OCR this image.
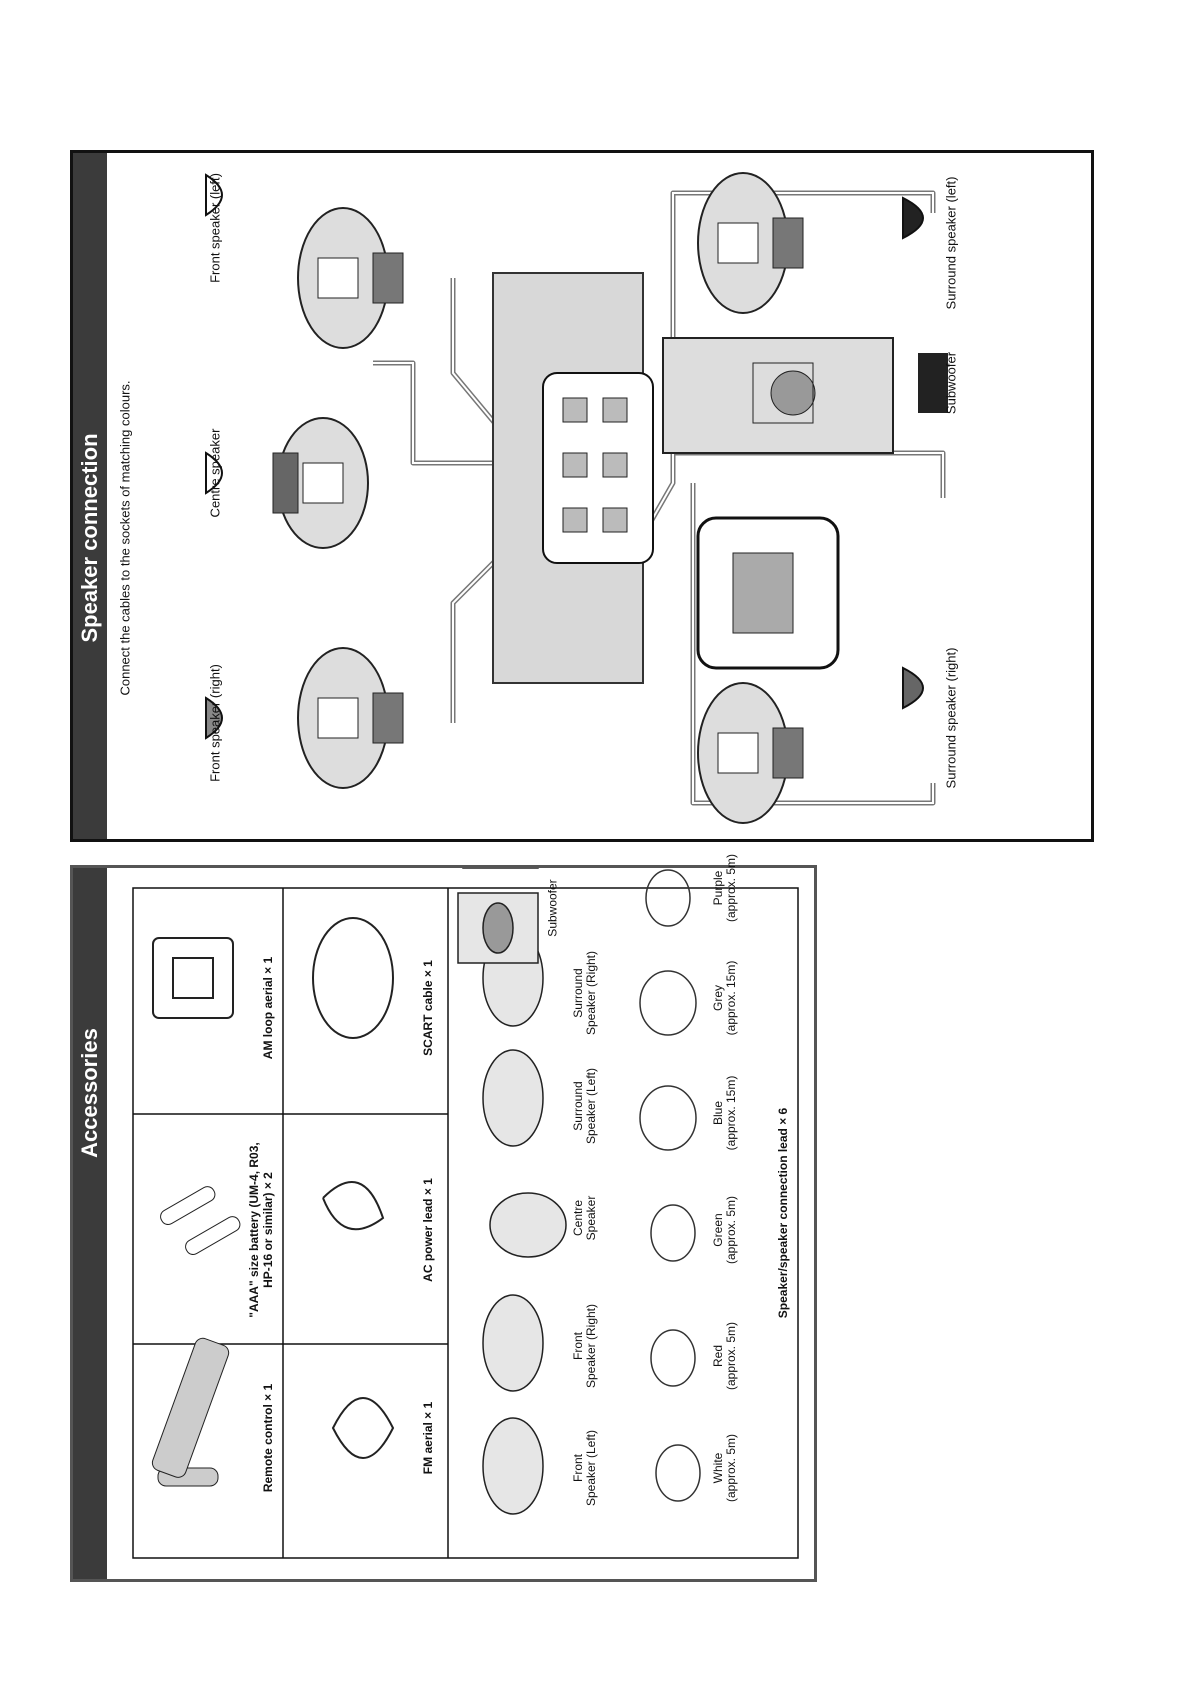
Speaker connection Connect the cables to the sockets of matching colours.
Front speaker (left)
Front speaker (right)
Centre speaker
Surround speaker (left)
Surround speaker (right)
Subwoofer
Accessories
Remote control × 1
"AAA" size battery (UM-4, R03, HP-16 or similar) × 2
AM loop aerial × 1
FM aerial × 1
AC power lead × 1
SCART cable × 1
Front Speaker (Left)
Front Speaker (Right)
Centre Speaker
Surround Speaker (Left)
Surround Speaker (Right)
Subwoofer
White (approx. 5m)
Red (approx. 5m)
Green (approx. 5m)
Blue (approx. 15m)
Grey (approx. 15m)
Purple (approx. 5m)
Speaker/speaker connection lead × 6
